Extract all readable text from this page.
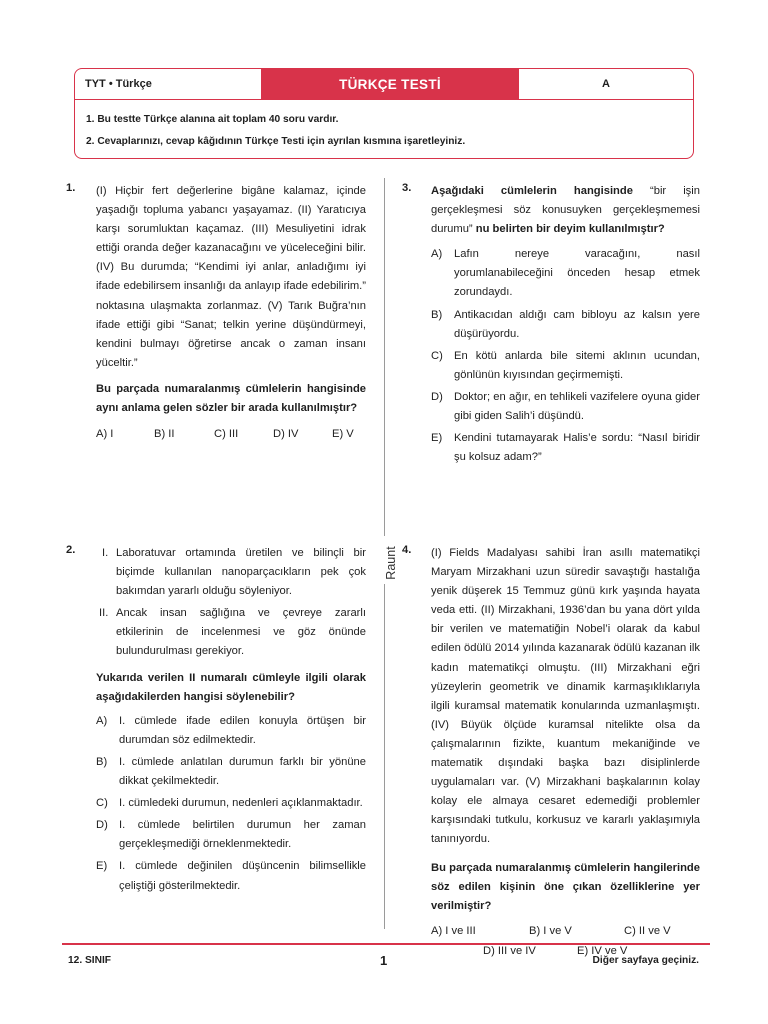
TYT • Türkçe	TÜRKÇE TESTİ	A
1. Bu testte Türkçe alanına ait toplam 40 soru vardır.
2. Cevaplarınızı, cevap kâğıdının Türkçe Testi için ayrılan kısmına işaretleyiniz.
Raunt
1. (I) Hiçbir fert değerlerine bigâne kalamaz, içinde yaşadığı topluma yabancı yaşayamaz. (II) Yaratıcıya karşı sorumluktan kaçamaz. (III) Mesuliyetini idrak ettiği oranda değer kazanacağını ve yüceleceğini bilir. (IV) Bu durumda; “Kendimi iyi anlar, anladığımı iyi ifade edebilirsem insanlığı da anlayıp ifade edebilirim.” noktasına ulaşmakta zorlanmaz. (V) Tarık Buğra’nın ifade ettiği gibi “Sanat; telkin yerine düşündürmeyi, kendini bulmayı öğretirse ancak o zaman insanı yüceltir.”
Bu parçada numaralanmış cümlelerin hangisinde aynı anlama gelen sözler bir arada kullanılmıştır?
A) I	B) II	C) III	D) IV	E) V
3. Aşağıdaki cümlelerin hangisinde “bir işin gerçekleşmesi söz konusuyken gerçekleşmemesi durumu” nu belirten bir deyim kullanılmıştır?
A) Lafın nereye varacağını, nasıl yorumlanabileceğini önceden hesap etmek zorundaydı.
B) Antikacıdan aldığı cam bibloyu az kalsın yere düşürüyordu.
C) En kötü anlarda bile sitemi aklının ucundan, gönlünün kıyısından geçirmemişti.
D) Doktor; en ağır, en tehlikeli vazifelere oyuna gider gibi giden Salih’i düşündü.
E) Kendini tutamayarak Halis’e sordu: “Nasıl biridir şu kolsuz adam?”
2. I. Laboratuvar ortamında üretilen ve bilinçli bir biçimde kullanılan nanoparçacıkların pek çok bakımdan yararlı olduğu söyleniyor.
II. Ancak insan sağlığına ve çevreye zararlı etkilerinin de incelenmesi ve göz önünde bulundurulması gerekiyor.
Yukarıda verilen II numaralı cümleyle ilgili olarak aşağıdakilerden hangisi söylenebilir?
A) I. cümlede ifade edilen konuyla örtüşen bir durumdan söz edilmektedir.
B) I. cümlede anlatılan durumun farklı bir yönüne dikkat çekilmektedir.
C) I. cümledeki durumun, nedenleri açıklanmaktadır.
D) I. cümlede belirtilen durumun her zaman gerçekleşmediği örneklenmektedir.
E) I. cümlede değinilen düşüncenin bilimsellikle çeliştiği gösterilmektedir.
4. (I) Fields Madalyası sahibi İran asıllı matematikçi Maryam Mirzakhani uzun süredir savaştığı hastalığa yenik düşerek 15 Temmuz günü kırk yaşında hayata veda etti. (II) Mirzakhani, 1936’dan bu yana dört yılda bir verilen ve matematiğin Nobel’i olarak da kabul edilen ödülü 2014 yılında kazanarak ödülü kazanan ilk kadın matematikçi olmuştu. (III) Mirzakhani eğri yüzeylerin geometrik ve dinamik karmaşıklıklarıyla ilgili kuramsal matematik konularında uzmanlaşmıştı. (IV) Büyük ölçüde kuramsal nitelikte olsa da çalışmalarının fizikte, kuantum mekaniğinde ve matematik dışındaki başka bazı disiplinlerde uygulamaları var. (V) Mirzakhani başkalarının kolay kolay ele almaya cesaret edemediği problemler karşısındaki tutkulu, korkusuz ve kararlı yaklaşımıyla tanınıyordu.
Bu parçada numaralanmış cümlelerin hangilerinde söz edilen kişinin öne çıkan özelliklerine yer verilmiştir?
A) I ve III	B) I ve V	C) II ve V
D) III ve IV	E) IV ve V
12. SINIF	1	Diğer sayfaya geçiniz.
